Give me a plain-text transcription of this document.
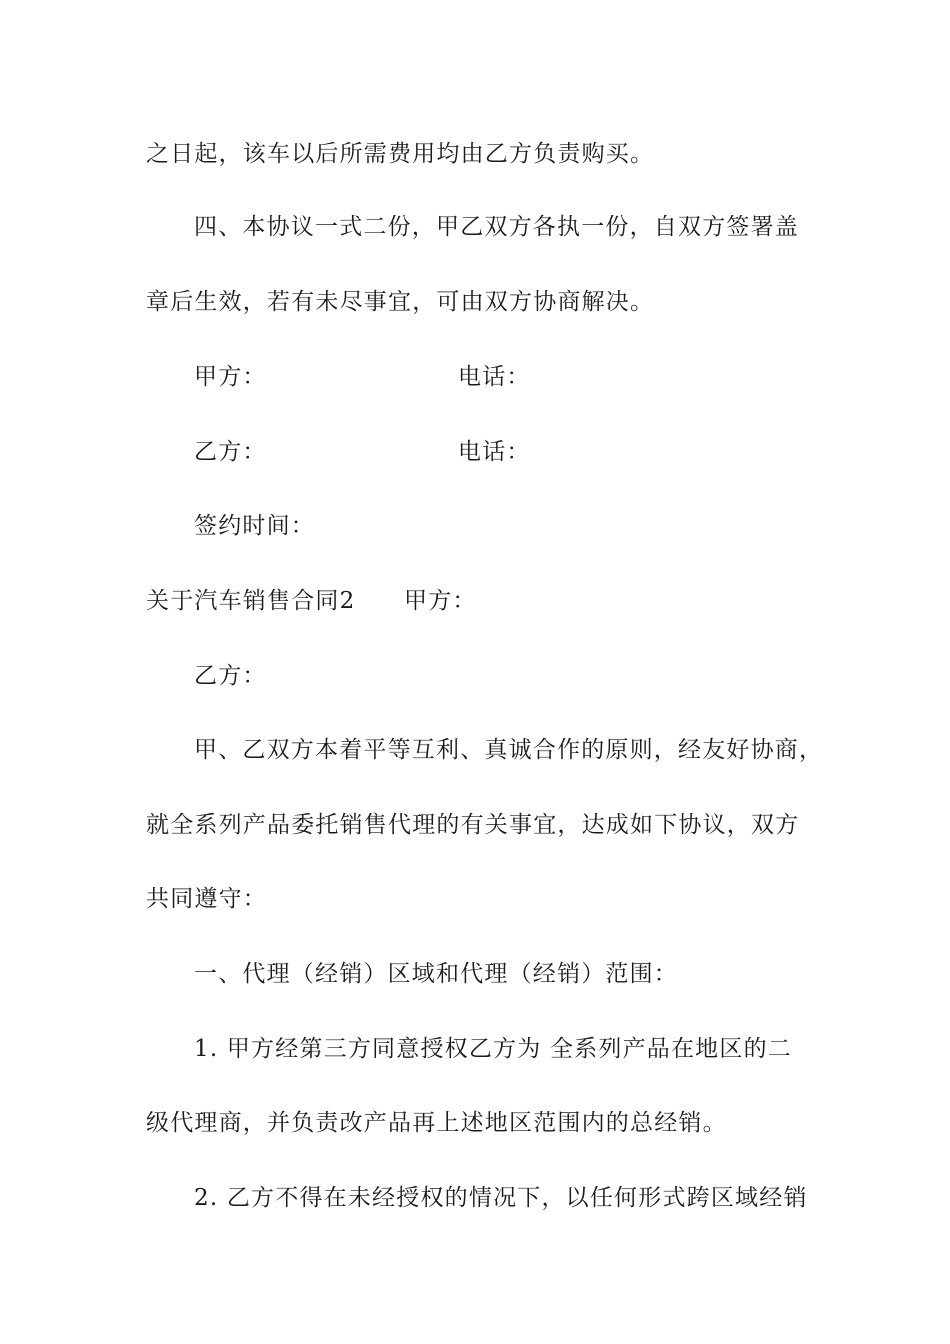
之日起，该车以后所需费用均由乙方负责购买。
四、本协议一式二份，甲乙双方各执一份，自双方签署盖
章后生效，若有未尽事宜，可由双方协商解决。
甲方：	电话：
乙方：	电话：
签约时间：
关于汽车销售合同2 甲方：
乙方：
甲、乙双方本着平等互利、真诚合作的原则，经友好协商，
就全系列产品委托销售代理的有关事宜，达成如下协议，双方
共同遵守：
一、代理（经销）区域和代理（经销）范围：
1. 甲方经第三方同意授权乙方为 全系列产品在地区的二
级代理商，并负责改产品再上述地区范围内的总经销。
2. 乙方不得在未经授权的情况下，以任何形式跨区域经销
